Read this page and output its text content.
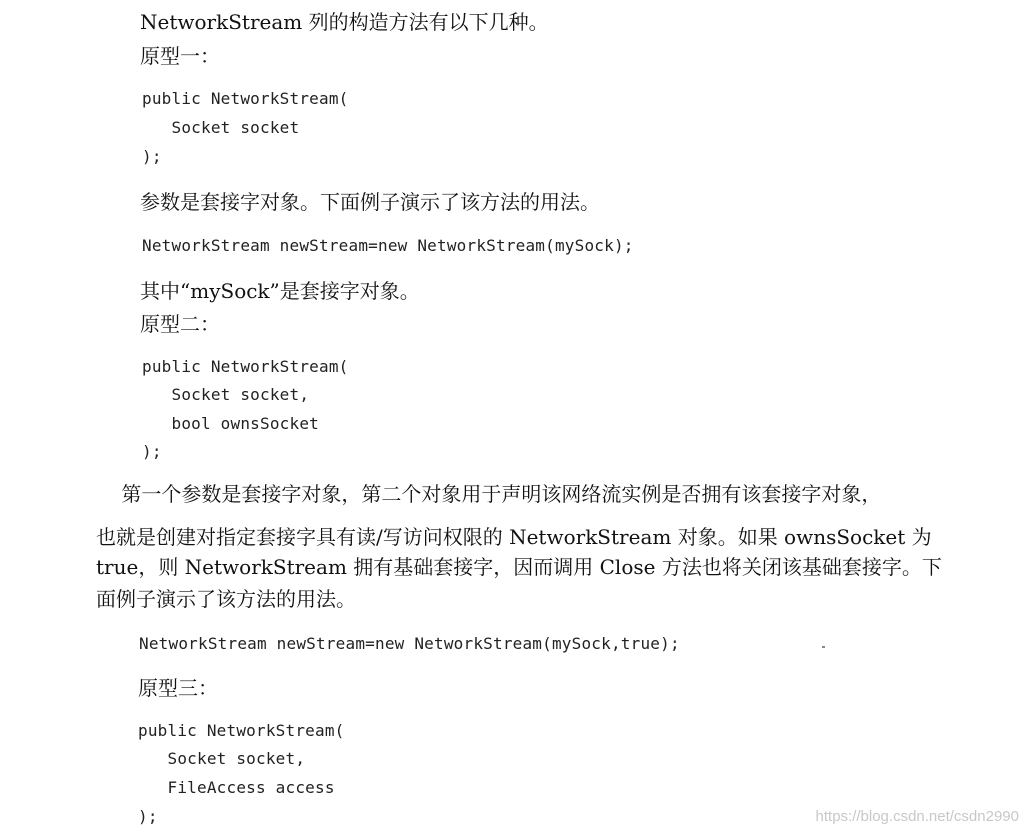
NetworkStream 列的构造方法有以下几种。
原型一：
public NetworkStream(
Socket socket
);
参数是套接字对象。下面例子演示了该方法的用法。
NetworkStream newStream=new NetworkStream(mySock);
其中“mySock”是套接字对象。
原型二：
public NetworkStream(
Socket socket,
bool ownsSocket
);
第一个参数是套接字对象，第二个对象用于声明该网络流实例是否拥有该套接字对象，
也就是创建对指定套接字具有读/写访问权限的 NetworkStream 对象。如果 ownsSocket 为
true，则 NetworkStream 拥有基础套接字，因而调用 Close 方法也将关闭该基础套接字。下
面例子演示了该方法的用法。
NetworkStream newStream=new NetworkStream(mySock,true);
原型三：
public NetworkStream(
Socket socket,
FileAccess access
);	https://blog.csdn.net/csdn2990
